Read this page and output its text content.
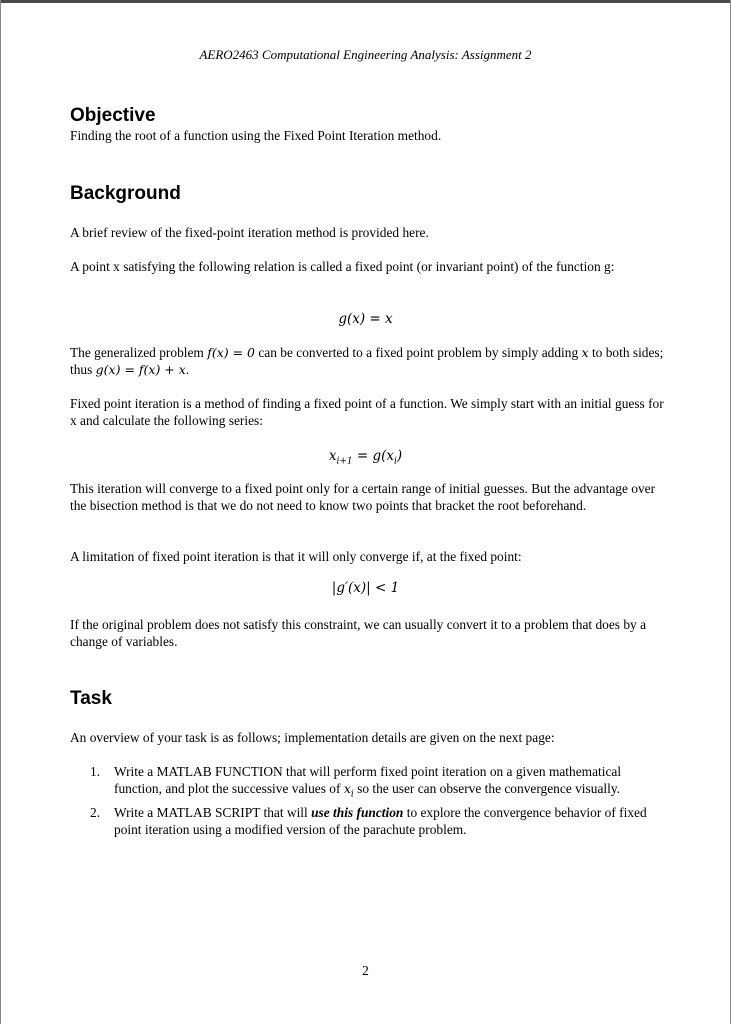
AERO2463 Computational Engineering Analysis: Assignment 2
Objective
Finding the root of a function using the Fixed Point Iteration method.
Background
A brief review of the fixed-point iteration method is provided here.
A point x satisfying the following relation is called a fixed point (or invariant point) of the function g:
g(x) = x
The generalized problem f(x) = 0 can be converted to a fixed point problem by simply adding x to both sides; thus g(x) = f(x) + x.
Fixed point iteration is a method of finding a fixed point of a function. We simply start with an initial guess for x and calculate the following series:
$x_{i+1} = g(x_i)$
This iteration will converge to a fixed point only for a certain range of initial guesses. But the advantage over the bisection method is that we do not need to know two points that bracket the root beforehand.
A limitation of fixed point iteration is that it will only converge if, at the fixed point:
|g′(x)| < 1
If the original problem does not satisfy this constraint, we can usually convert it to a problem that does by a change of variables.
Task
An overview of your task is as follows; implementation details are given on the next page:
1. Write a MATLAB FUNCTION that will perform fixed point iteration on a given mathematical function, and plot the successive values of $x_i$ so the user can observe the convergence visually.
2. Write a MATLAB SCRIPT that will use this function to explore the convergence behavior of fixed point iteration using a modified version of the parachute problem.
2
